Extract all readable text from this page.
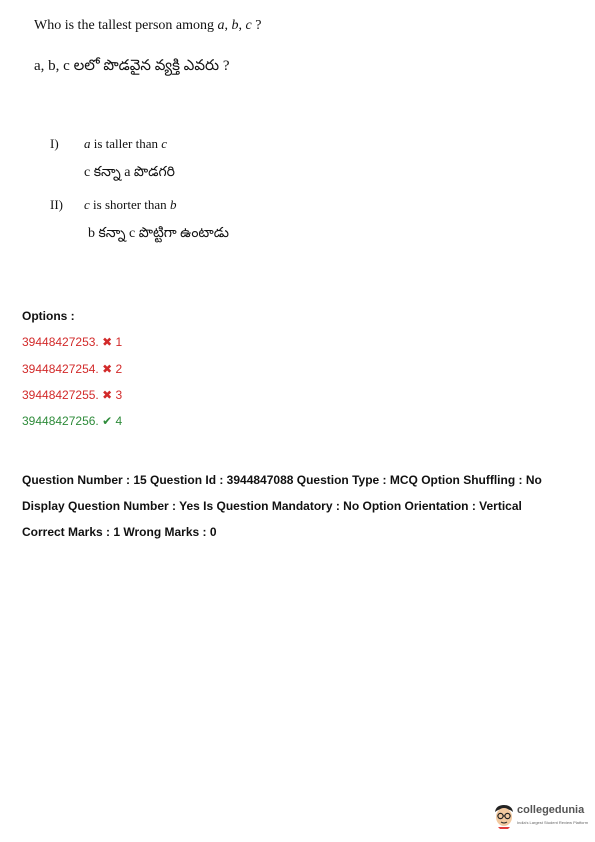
Who is the tallest person among a, b, c ?
a, b, c లలో పొడవైన వ్యక్తి ఎవరు ?
I) a is taller than c
c కన్నా a పొడగరి
II) c is shorter than b
b కన్నా c పొట్టిగా ఉంటాడు
Options :
39448427253. ✖ 1
39448427254. ✖ 2
39448427255. ✖ 3
39448427256. ✔ 4
Question Number : 15 Question Id : 3944847088 Question Type : MCQ Option Shuffling : No
Display Question Number : Yes Is Question Mandatory : No Option Orientation : Vertical
Correct Marks : 1 Wrong Marks : 0
collegedunia
India's Largest Student Review Platform
